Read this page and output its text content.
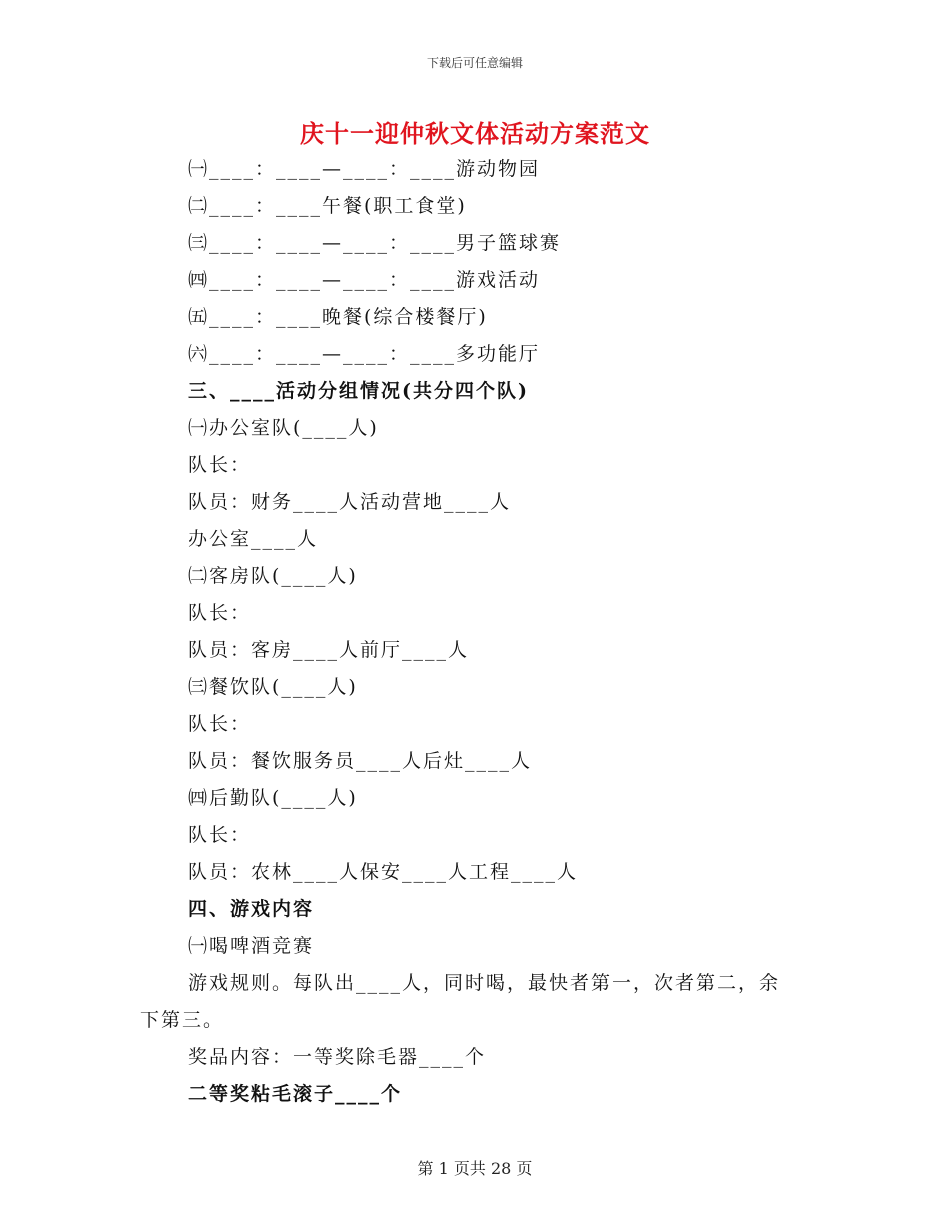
下载后可任意编辑
庆十一迎仲秋文体活动方案范文
㈠____：____—____：____游动物园
㈡____：____午餐(职工食堂)
㈢____：____—____：____男子篮球赛
㈣____：____—____：____游戏活动
㈤____：____晚餐(综合楼餐厅)
㈥____：____—____：____多功能厅
三、____活动分组情况(共分四个队)
㈠办公室队(____人)
队长：
队员：财务____人活动营地____人
办公室____人
㈡客房队(____人)
队长：
队员：客房____人前厅____人
㈢餐饮队(____人)
队长：
队员：餐饮服务员____人后灶____人
㈣后勤队(____人)
队长：
队员：农林____人保安____人工程____人
四、游戏内容
㈠喝啤酒竞赛
游戏规则。每队出____人，同时喝，最快者第一，次者第二，余
下第三。
奖品内容：一等奖除毛器____个
二等奖粘毛滚子____个
第 1 页共 28 页
